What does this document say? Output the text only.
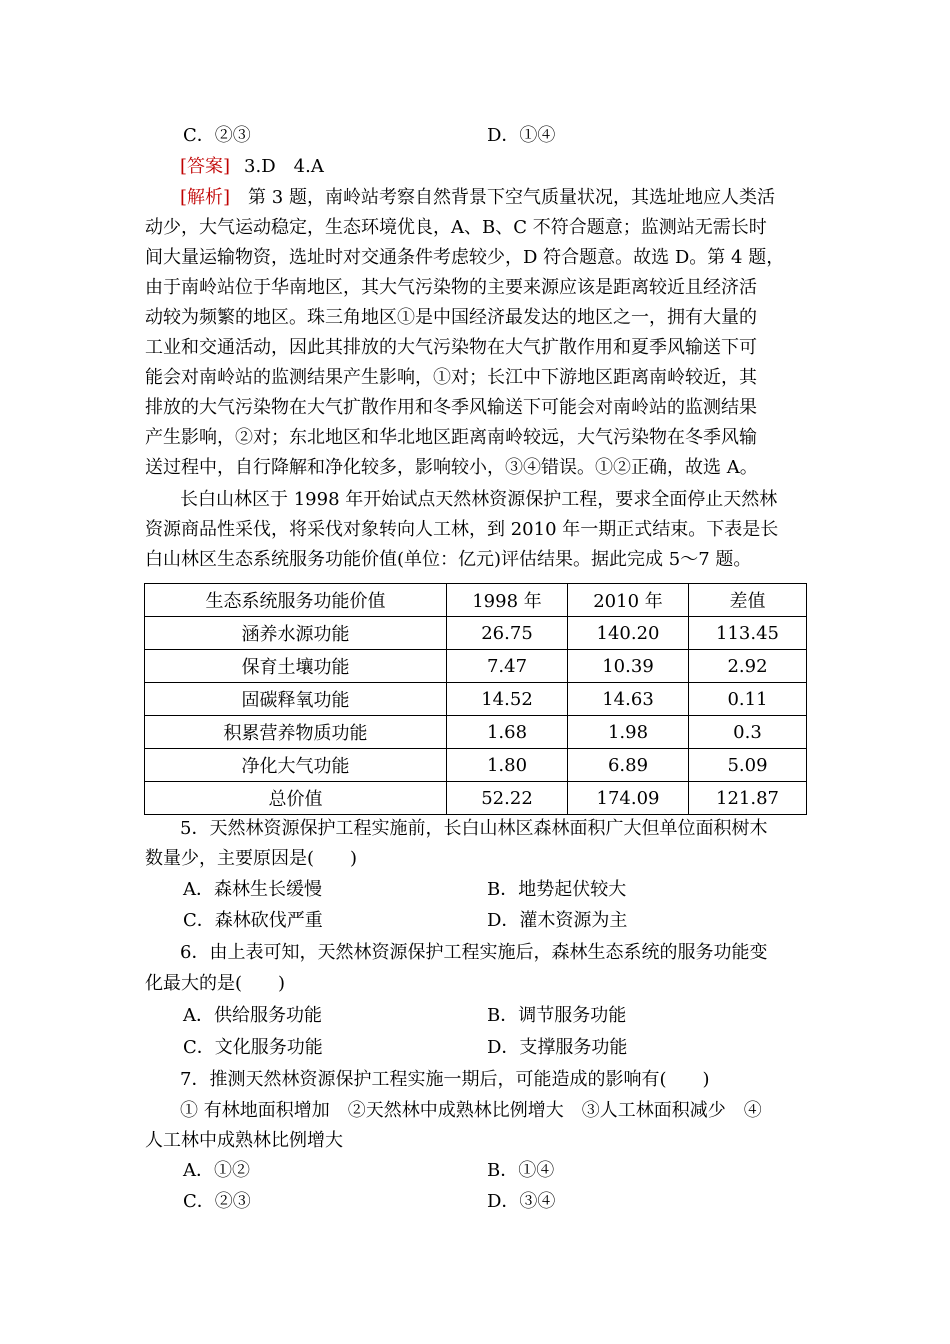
C．②③	D．①④
[答案] 3.D　4.A
[解析]　第 3 题，南岭站考察自然背景下空气质量状况，其选址地应人类活
动少，大气运动稳定，生态环境优良，A、B、C 不符合题意；监测站无需长时
间大量运输物资，选址时对交通条件考虑较少，D 符合题意。故选 D。第 4 题，
由于南岭站位于华南地区，其大气污染物的主要来源应该是距离较近且经济活
动较为频繁的地区。珠三角地区①是中国经济最发达的地区之一，拥有大量的
工业和交通活动，因此其排放的大气污染物在大气扩散作用和夏季风输送下可
能会对南岭站的监测结果产生影响，①对；长江中下游地区距离南岭较近，其
排放的大气污染物在大气扩散作用和冬季风输送下可能会对南岭站的监测结果
产生影响，②对；东北地区和华北地区距离南岭较远，大气污染物在冬季风输
送过程中，自行降解和净化较多，影响较小，③④错误。①②正确，故选 A。
长白山林区于 1998 年开始试点天然林资源保护工程，要求全面停止天然林
资源商品性采伐，将采伐对象转向人工林，到 2010 年一期正式结束。下表是长
白山林区生态系统服务功能价值(单位：亿元)评估结果。据此完成 5～7 题。
生态系统服务功能价值	1998 年	2010 年	差值
涵养水源功能	26.75	140.20	113.45
保育土壤功能	7.47	10.39	2.92
固碳释氧功能	14.52	14.63	0.11
积累营养物质功能	1.68	1.98	0.3
净化大气功能	1.80	6.89	5.09
总价值	52.22	174.09	121.87
5．天然林资源保护工程实施前，长白山林区森林面积广大但单位面积树木
数量少，主要原因是(　　)
A．森林生长缓慢	B．地势起伏较大
C．森林砍伐严重	D．灌木资源为主
6．由上表可知，天然林资源保护工程实施后，森林生态系统的服务功能变
化最大的是(　　)
A．供给服务功能	B．调节服务功能
C．文化服务功能	D．支撑服务功能
7．推测天然林资源保护工程实施一期后，可能造成的影响有(　　)
① 有林地面积增加　②天然林中成熟林比例增大　③人工林面积减少　④
人工林中成熟林比例增大
A．①②	B．①④
C．②③	D．③④
